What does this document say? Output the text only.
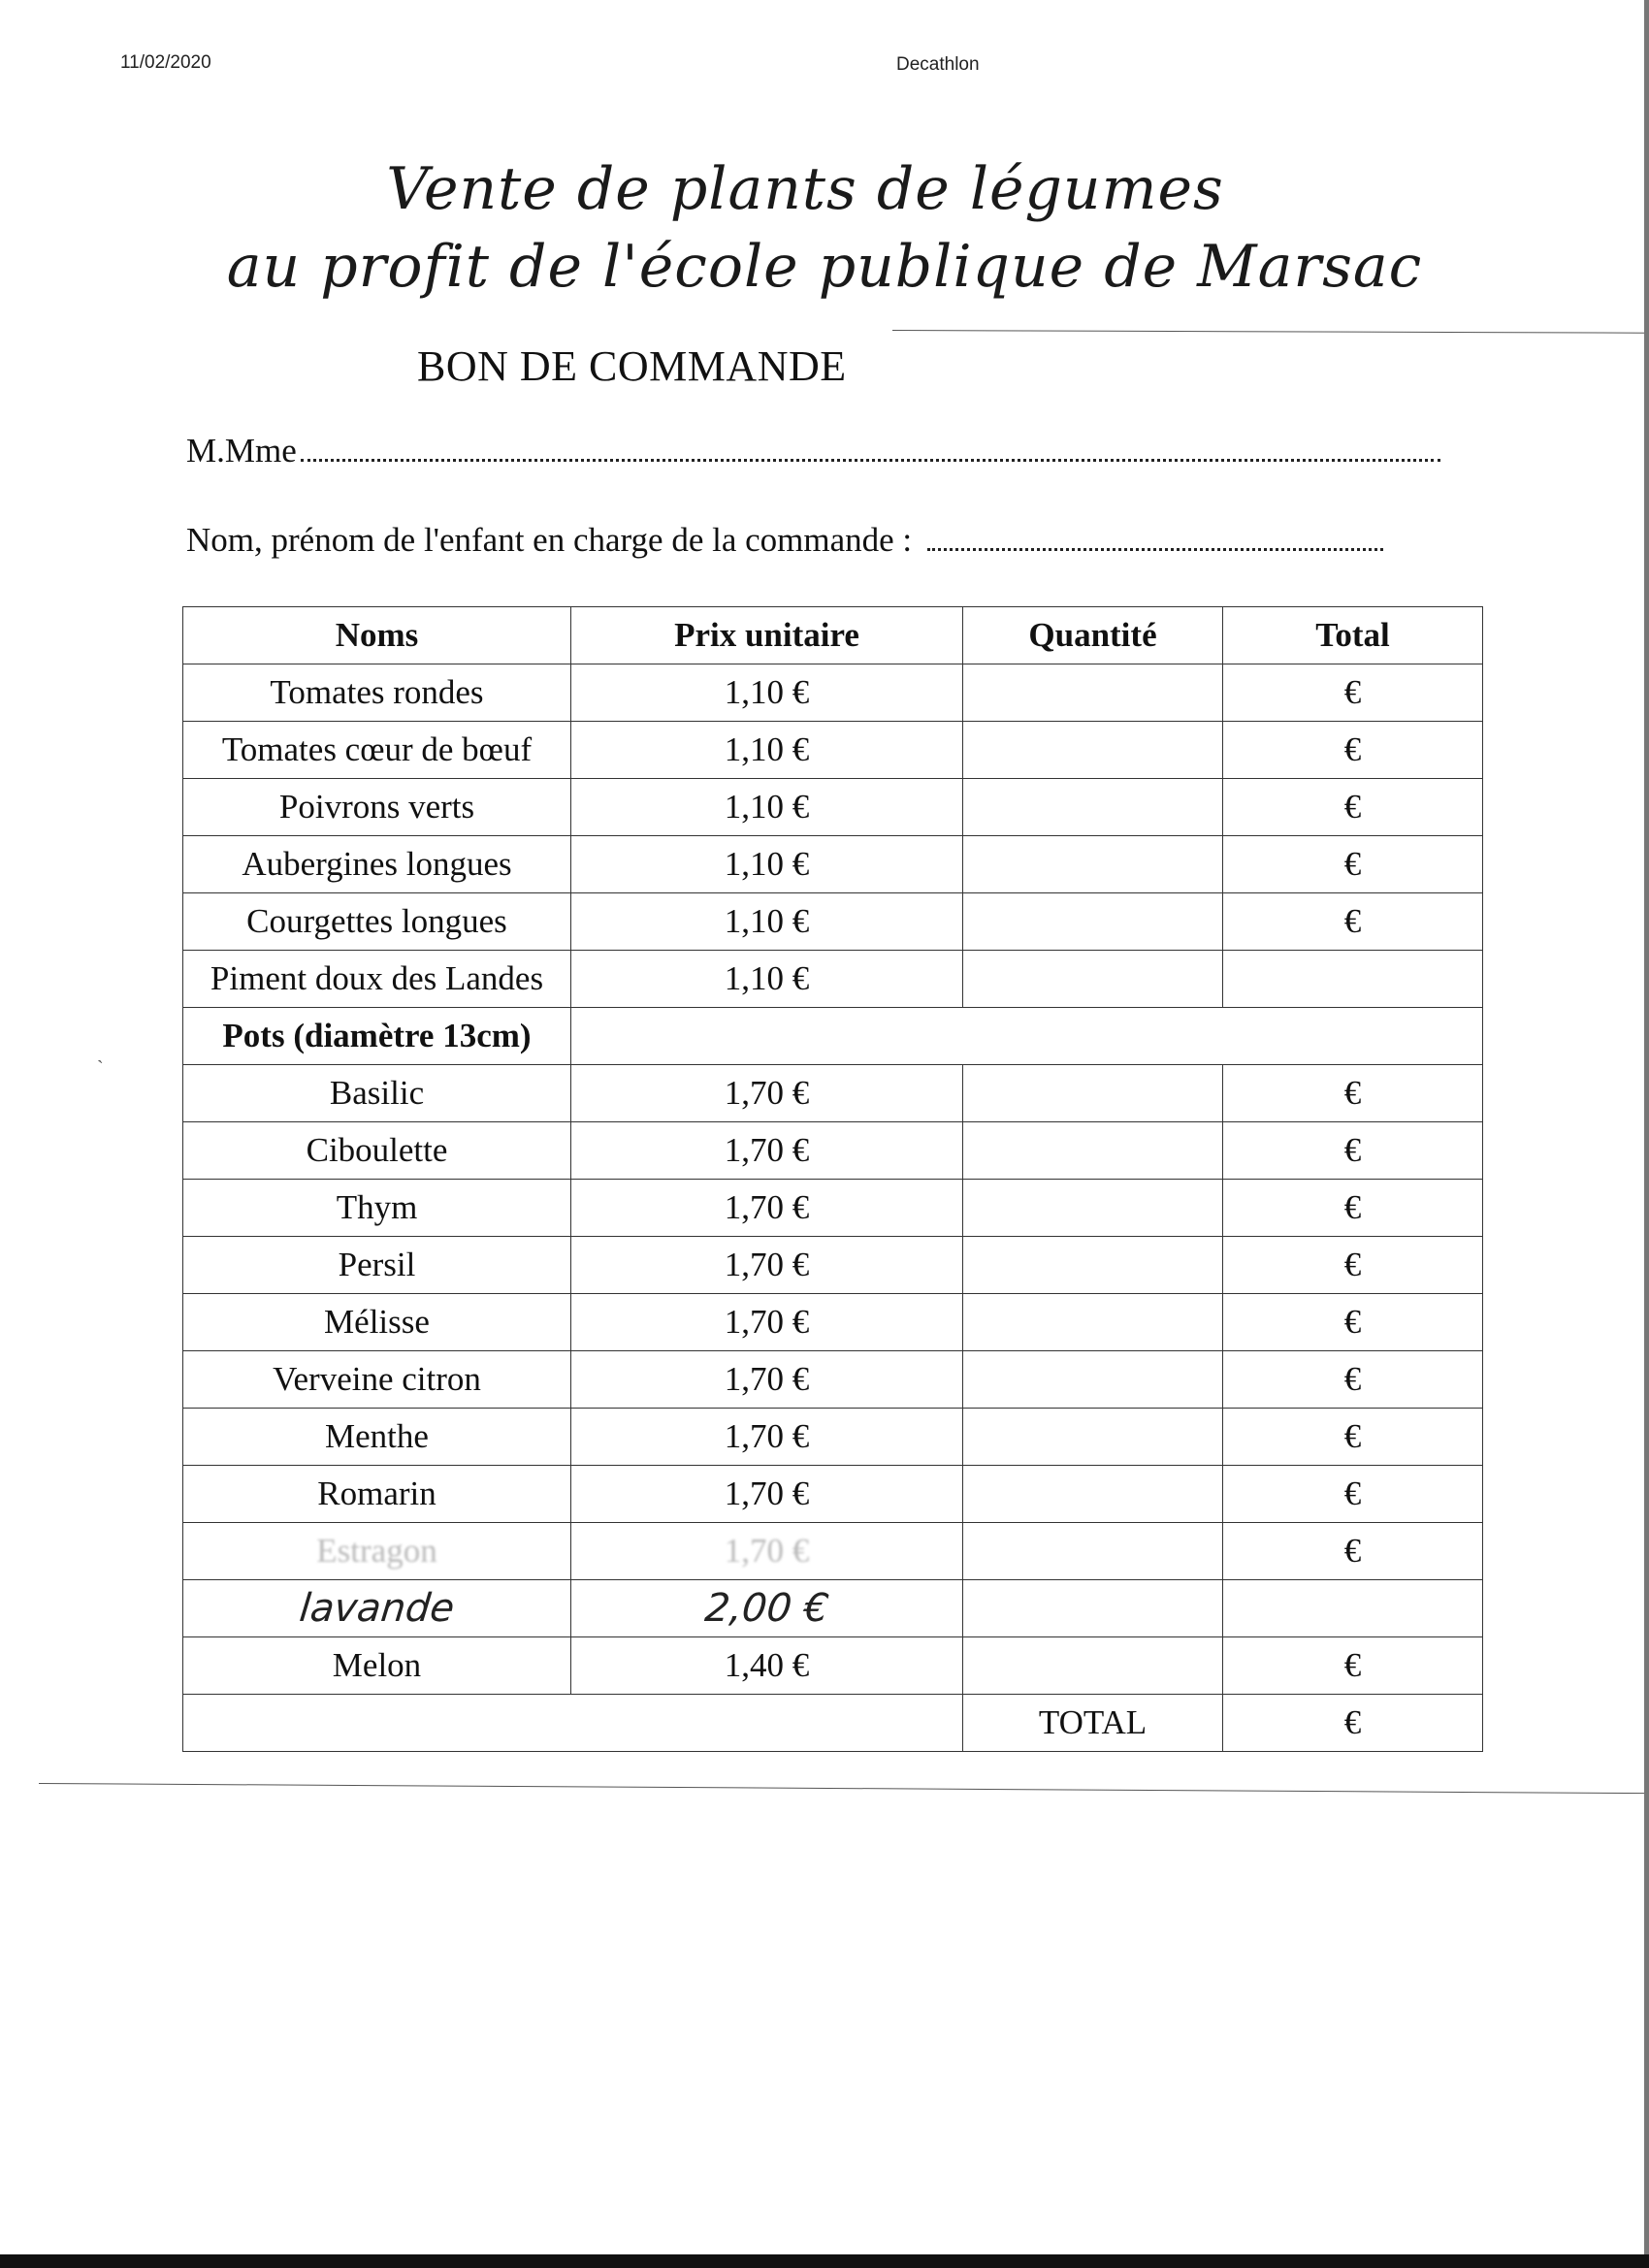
11/02/2020	Decathlon
Vente de plants de légumes
au profit de l'école publique de Marsac
BON DE COMMANDE
M.Mme
Nom, prénom de l'enfant en charge de la commande :
`
Noms	Prix unitaire	Quantité	Total
Tomates rondes	1,10 €		€
Tomates cœur de bœuf	1,10 €		€
Poivrons verts	1,10 €		€
Aubergines longues	1,10 €		€
Courgettes longues	1,10 €		€
Piment doux des Landes	1,10 €		
Pots (diamètre 13cm)			
Basilic	1,70 €		€
Ciboulette	1,70 €		€
Thym	1,70 €		€
Persil	1,70 €		€
Mélisse	1,70 €		€
Verveine citron	1,70 €		€
Menthe	1,70 €		€
Romarin	1,70 €		€
Estragon	1,70 €		€
lavande	2,00 €		
Melon	1,40 €		€
		TOTAL	€
